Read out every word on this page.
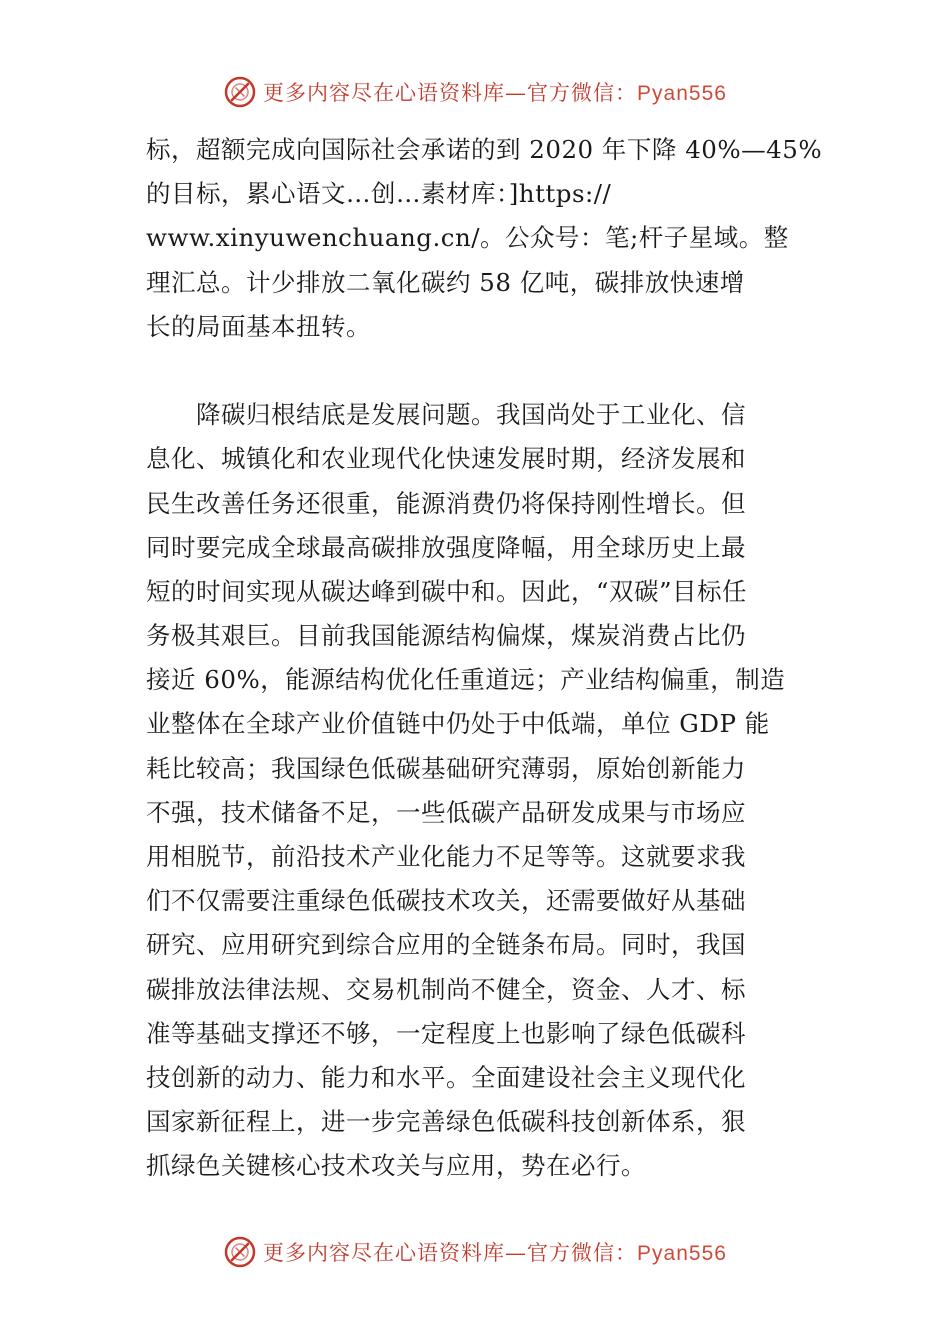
更多内容尽在心语资料库—官方微信：Pyan556
标，超额完成向国际社会承诺的到 2020 年下降 40%—45%
的目标，累心语文…创…素材库：]https://
www.xinyuwenchuang.cn/。公众号：笔;杆子星域。整
理汇总。计少排放二氧化碳约 58 亿吨，碳排放快速增
长的局面基本扭转。
　　降碳归根结底是发展问题。我国尚处于工业化、信
息化、城镇化和农业现代化快速发展时期，经济发展和
民生改善任务还很重，能源消费仍将保持刚性增长。但
同时要完成全球最高碳排放强度降幅，用全球历史上最
短的时间实现从碳达峰到碳中和。因此，“双碳”目标任
务极其艰巨。目前我国能源结构偏煤，煤炭消费占比仍
接近 60%，能源结构优化任重道远；产业结构偏重，制造
业整体在全球产业价值链中仍处于中低端，单位 GDP 能
耗比较高；我国绿色低碳基础研究薄弱，原始创新能力
不强，技术储备不足，一些低碳产品研发成果与市场应
用相脱节，前沿技术产业化能力不足等等。这就要求我
们不仅需要注重绿色低碳技术攻关，还需要做好从基础
研究、应用研究到综合应用的全链条布局。同时，我国
碳排放法律法规、交易机制尚不健全，资金、人才、标
准等基础支撑还不够，一定程度上也影响了绿色低碳科
技创新的动力、能力和水平。全面建设社会主义现代化
国家新征程上，进一步完善绿色低碳科技创新体系，狠
抓绿色关键核心技术攻关与应用，势在必行。
更多内容尽在心语资料库—官方微信：Pyan556
